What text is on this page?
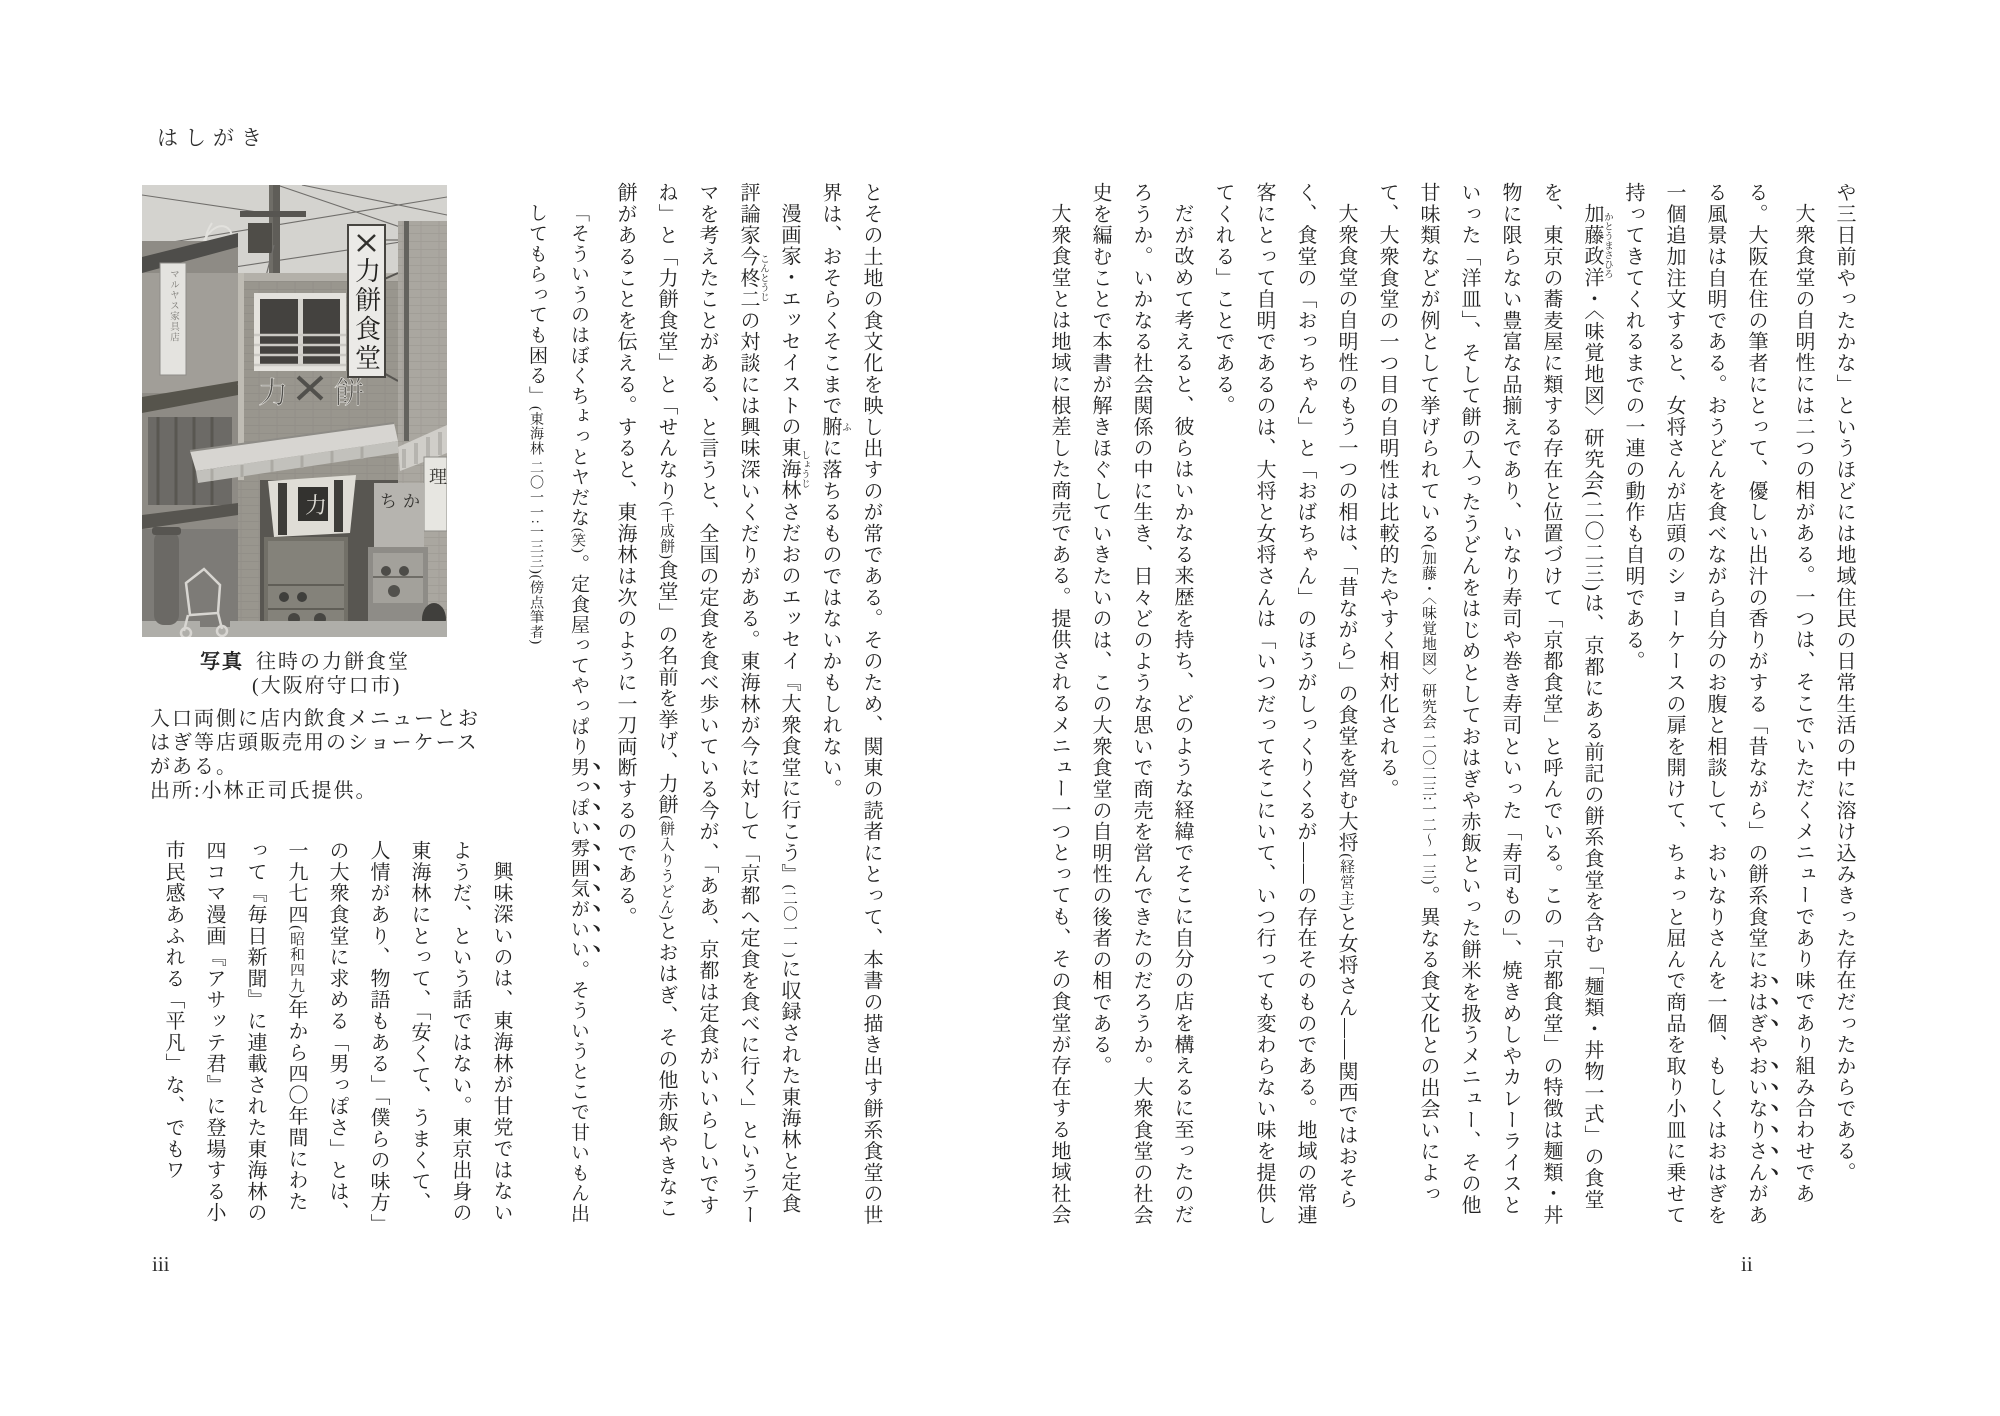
や三日前やったかな」というほどには地域住民の日常生活の中に溶け込みきった存在だったからである。

大衆食堂の自明性には二つの相がある。一つは、そこでいただくメニューであり味であり組み合わせである。大阪在住の筆者にとって、優しい出汁の香りがする「昔ながら」の餅系食堂におはぎやおいなりさんがある風景は自明である。おうどんを食べながら自分のお腹と相談して、おいなりさんを一個、もしくはおはぎを一個追加注文すると、女将さんが店頭のショーケースの扉を開けて、ちょっと屈んで商品を取り小皿に乗せて持ってきてくれるまでの一連の動作も自明である。

加藤政洋 かとうまさひろ・〈味覚地図〉研究会(二〇二三)は、京都にある前記の餅系食堂を含む「麺類・丼物一式」の食堂を、東京の蕎麦屋に類する存在と位置づけて「京都食堂」と呼んでいる。この「京都食堂」の特徴は麺類・丼物に限らない豊富な品揃えであり、いなり寿司や巻き寿司といった「寿司もの」、焼きめしやカレーライスといった「洋皿」、そして餅の入ったうどんをはじめとしておはぎや赤飯といった餅米を扱うメニュー、その他甘味類などが例として挙げられている(加藤・〈味覚地図〉研究会 二〇二三:一二〜一三)。異なる食文化との出会いによって、大衆食堂の一つ目の自明性は比較的たやすく相対化される。

大衆食堂の自明性のもう一つの相は、「昔ながら」の食堂を営む大将(経営主)と女将さん――関西ではおそらく、食堂の「おっちゃん」と「おばちゃん」のほうがしっくりくるが――の存在そのものである。地域の常連客にとって自明であるのは、大将と女将さんは「いつだってそこにいて、いつ行っても変わらない味を提供してくれる」ことである。

だが改めて考えると、彼らはいかなる来歴を持ち、どのような経緯でそこに自分の店を構えるに至ったのだろうか。いかなる社会関係の中に生き、日々どのような思いで商売を営んできたのだろうか。大衆食堂の社会史を編むことで本書が解きほぐしていきたいのは、この大衆食堂の自明性の後者の相である。

大衆食堂とは地域に根差した商売である。提供されるメニュー一つとっても、その食堂が存在する地域社会

ii
はしがき
マルヤス家具店
力 餅
力餅食堂
理
力	ちか
写真 往時の力餅食堂
(大阪府守口市)
入口両側に店内飲食メニューとおはぎ等店頭販売用のショーケースがある。
出所:小林正司氏提供。	とその土地の食文化を映し出すのが常である。そのため、関東の読者にとって、本書の描き出す餅系食堂の世界は、おそらくそこまで腑 ふに落ちるものではないかもしれない。

漫画家・エッセイストの東海林 しょうじさだおのエッセイ『大衆食堂に行こう』(二〇一一)に収録された東海林と定食評論家今柊二 こんとうじの対談には興味深いくだりがある。東海林が今に対して「京都へ定食を食べに行く」というテーマを考えたことがある、と言うと、全国の定食を食べ歩いている今が、「ああ、京都は定食がいいらしいですね」と「力餅食堂」と「せんなり(千成餅)食堂」の名前を挙げ、力餅(餅入りうどん)とおはぎ、その他赤飯やきなこ餅があることを伝える。すると、東海林は次のように一刀両断するのである。

「そういうのはぼくちょっとヤだな(笑)。定食屋ってやっぱり男っぽい雰囲気がいい。そういうとこで甘いもん出してもらっても困る」(東海林 二〇一一:一三三)(傍点筆者)

興味深いのは、東海林が甘党ではないようだ、という話ではない。東京出身の東海林にとって、「安くて、うまくて、人情があり、物語もある」「僕らの味方」の大衆食堂に求める「男っぽさ」とは、一九七四(昭和四九)年から四〇年間にわたって『毎日新聞』に連載された東海林の四コマ漫画『アサッテ君』に登場する小市民感あふれる「平凡」な、でもワ

iii
